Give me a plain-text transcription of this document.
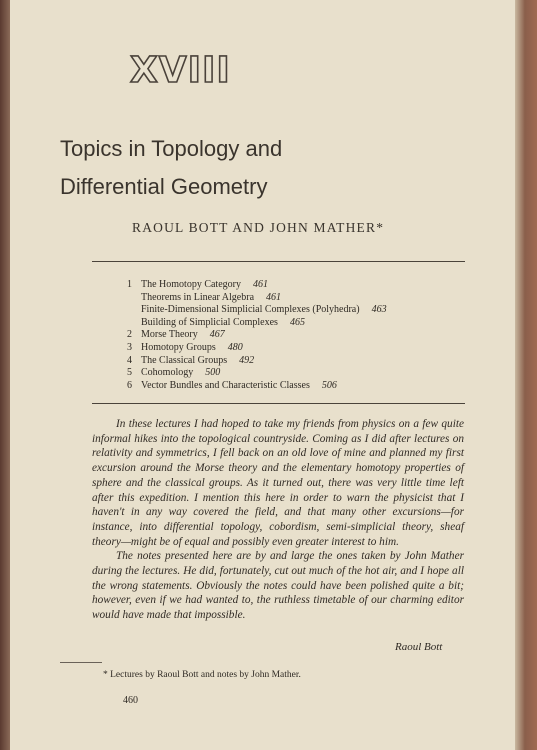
XVIII
Topics in Topology and
Differential Geometry
RAOUL BOTT AND JOHN MATHER*
1 The Homotopy Category 461
Theorems in Linear Algebra 461
Finite-Dimensional Simplicial Complexes (Polyhedra) 463
Building of Simplicial Complexes 465
2 Morse Theory 467
3 Homotopy Groups 480
4 The Classical Groups 492
5 Cohomology 500
6 Vector Bundles and Characteristic Classes 506

In these lectures I had hoped to take my friends from physics on a few quite informal hikes into the topological countryside. Coming as I did after lectures on relativity and symmetrics, I fell back on an old love of mine and planned my first excursion around the Morse theory and the elementary homotopy properties of sphere and the classical groups. As it turned out, there was very little time left after this expedition. I mention this here in order to warn the physicist that I haven't in any way covered the field, and that many other excursions—for instance, into differential topology, cobordism, semi-simplicial theory, sheaf theory—might be of equal and possibly even greater interest to him.

The notes presented here are by and large the ones taken by John Mather during the lectures. He did, fortunately, cut out much of the hot air, and I hope all the wrong statements. Obviously the notes could have been polished quite a bit; however, even if we had wanted to, the ruthless timetable of our charming editor would have made that impossible.

Raoul Bott
* Lectures by Raoul Bott and notes by John Mather.
460
